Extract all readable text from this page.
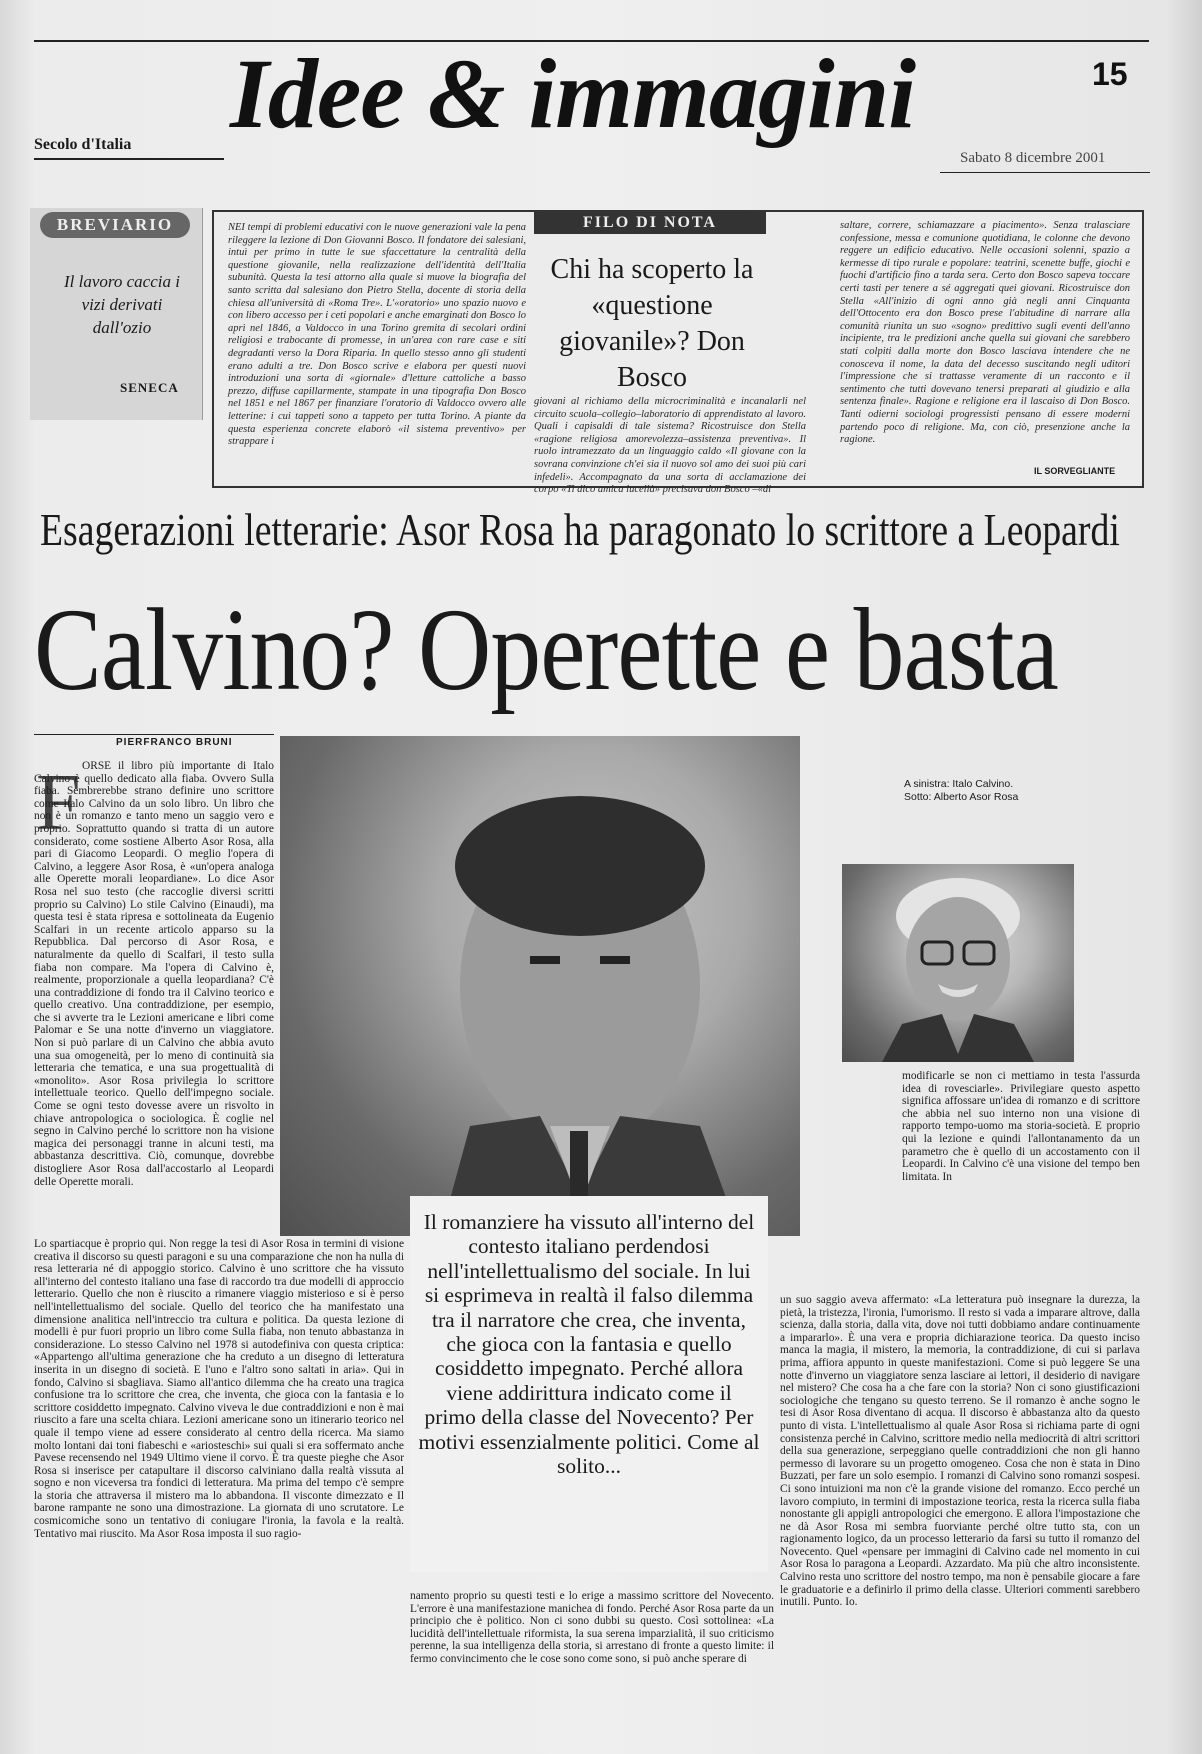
15
Idee & immagini
Secolo d'Italia
Sabato 8 dicembre 2001
BREVIARIO
Il lavoro caccia i vizi derivati dall'ozio
SENECA
FILO DI NOTA
NEI tempi di problemi educativi con le nuove generazioni vale la pena rileggere la lezione di Don Giovanni Bosco. Il fondatore dei salesiani, intuì per primo in tutte le sue sfaccettature la centralità della questione giovanile, nella realizzazione dell'identità dell'Italia subunità. Questa la tesi attorno alla quale si muove la biografia del santo scritta dal salesiano don Pietro Stella, docente di storia della chiesa all'università di «Roma Tre». L'«oratorio» uno spazio nuovo e con libero accesso per i ceti popolari e anche emarginati don Bosco lo aprì nel 1846, a Valdocco in una Torino gremita di secolari ordini religiosi e trabocante di promesse, in un'area con rare case e siti degradanti verso la Dora Riparia. In quello stesso anno gli studenti erano adulti a tre. Don Bosco scrive e elabora per questi nuovi introduzioni una sorta di «giornale» d'letture cattoliche a basso prezzo, diffuse capillarmente, stampate in una tipografia Don Bosco nel 1851 e nel 1867 per finanziare l'oratorio di Valdocco ovvero alle letterine: i cui tappeti sono a tappeto per tutta Torino. A piante da questa esperienza concrete elaborò «il sistema preventivo» per strappare i
Chi ha scoperto la «questione giovanile»? Don Bosco
giovani al richiamo della microcriminalità e incanalarli nel circuito scuola–collegio–laboratorio di apprendistato al lavoro. Quali i capisaldi di tale sistema? Ricostruisce don Stella «ragione religiosa amorevolezza–assistenza preventiva». Il ruolo intramezzato da un linguaggio caldo «Il giovane con la sovrana convinzione ch'ei sia il nuovo sol amo dei suoi più cari infedeli». Accompagnato da una sorta di acclamazione dei corpo «Ti dico amica lucellà» precisava don Bosco –«di
saltare, correre, schiamazzare a piacimento». Senza tralasciare confessione, messa e comunione quotidiana, le colonne che devono reggere un edificio educativo. Nelle occasioni solenni, spazio a kermesse di tipo rurale e popolare: teatrini, scenette buffe, giochi e fuochi d'artificio fino a tarda sera. Certo don Bosco sapeva toccare certi tasti per tenere a sé aggregati quei giovani. Ricostruisce don Stella «All'inizio di ogni anno già negli anni Cinquanta dell'Ottocento era don Bosco prese l'abitudine di narrare alla comunità riunita un suo «sogno» predittivo sugli eventi dell'anno incipiente, tra le predizioni anche quella sui giovani che sarebbero stati colpiti dalla morte don Bosco lasciava intendere che ne conosceva il nome, la data del decesso suscitando negli uditori l'impressione che si trattasse veramente di un racconto e il sentimento che tutti dovevano tenersi preparati al giudizio e alla sentenza finale». Ragione e religione era il lascaiso di Don Bosco. Tanti odierni sociologi progressisti pensano di essere moderni partendo poco di religione. Ma, con ciò, presenzione anche la ragione.
IL SORVEGLIANTE
Esagerazioni letterarie: Asor Rosa ha paragonato lo scrittore a Leopardi
Calvino? Operette e basta
PIERFRANCO BRUNI
F ORSE il libro più importante di Italo Calvino è quello dedicato alla fiaba. Ovvero Sulla fiaba. Sembrerebbe strano definire uno scrittore come Italo Calvino da un solo libro. Un libro che non è un romanzo e tanto meno un saggio vero e proprio. Soprattutto quando si tratta di un autore considerato, come sostiene Alberto Asor Rosa, alla pari di Giacomo Leopardi. O meglio l'opera di Calvino, a leggere Asor Rosa, è «un'opera analoga alle Operette morali leopardiane». Lo dice Asor Rosa nel suo testo (che raccoglie diversi scritti proprio su Calvino) Lo stile Calvino (Einaudi), ma questa tesi è stata ripresa e sottolineata da Eugenio Scalfari in un recente articolo apparso su la Repubblica. Dal percorso di Asor Rosa, e naturalmente da quello di Scalfari, il testo sulla fiaba non compare. Ma l'opera di Calvino è, realmente, proporzionale a quella leopardiana? C'è una contraddizione di fondo tra il Calvino teorico e quello creativo. Una contraddizione, per esempio, che si avverte tra le Lezioni americane e libri come Palomar e Se una notte d'inverno un viaggiatore. Non si può parlare di un Calvino che abbia avuto una sua omogeneità, per lo meno di continuità sia letteraria che tematica, e una sua progettualità di «monolito». Asor Rosa privilegia lo scrittore intellettuale teorico. Quello dell'impegno sociale. Come se ogni testo dovesse avere un risvolto in chiave antropologica o sociologica. È coglie nel segno in Calvino perché lo scrittore non ha visione magica dei personaggi tranne in alcuni testi, ma abbastanza descrittiva. Ciò, comunque, dovrebbe distogliere Asor Rosa dall'accostarlo al Leopardi delle Operette morali.
Lo spartiacque è proprio qui. Non regge la tesi di Asor Rosa in termini di visione creativa il discorso su questi paragoni e su una comparazione che non ha nulla di resa letteraria né di appoggio storico. Calvino è uno scrittore che ha vissuto all'interno del contesto italiano una fase di raccordo tra due modelli di approccio letterario. Quello che non è riuscito a rimanere viaggio misterioso e si è perso nell'intellettualismo del sociale. Quello del teorico che ha manifestato una dimensione analitica nell'intreccio tra cultura e politica. Da questa lezione di modelli è pur fuori proprio un libro come Sulla fiaba, non tenuto abbastanza in considerazione. Lo stesso Calvino nel 1978 si autodefiniva con questa criptica: «Appartengo all'ultima generazione che ha creduto a un disegno di letteratura inserita in un disegno di società. E l'uno e l'altro sono saltati in aria». Qui in fondo, Calvino si sbagliava. Siamo all'antico dilemma che ha creato una tragica confusione tra lo scrittore che crea, che inventa, che gioca con la fantasia e lo scrittore cosiddetto impegnato. Calvino viveva le due contraddizioni e non è mai riuscito a fare una scelta chiara. Lezioni americane sono un itinerario teorico nel quale il tempo viene ad essere considerato al centro della ricerca. Ma siamo molto lontani dai toni fiabeschi e «ariosteschi» sui quali si era soffermato anche Pavese recensendo nel 1949 Ultimo viene il corvo. È tra queste pieghe che Asor Rosa si inserisce per catapultare il discorso calviniano dalla realtà vissuta al sogno e non viceversa tra fondici di letteratura. Ma prima del tempo c'è sempre la storia che attraversa il mistero ma lo abbandona. Il visconte dimezzato e Il barone rampante ne sono una dimostrazione. La giornata di uno scrutatore. Le cosmicomiche sono un tentativo di coniugare l'ironia, la favola e la realtà. Tentativo mai riuscito. Ma Asor Rosa imposta il suo ragio-
A sinistra: Italo Calvino.
Sotto: Alberto Asor Rosa
Il romanziere ha vissuto all'interno del contesto italiano perdendosi nell'intellettualismo del sociale. In lui si esprimeva in realtà il falso dilemma tra il narratore che crea, che inventa, che gioca con la fantasia e quello cosiddetto impegnato. Perché allora viene addirittura indicato come il primo della classe del Novecento? Per motivi essenzialmente politici. Come al solito...
namento proprio su questi testi e lo erige a massimo scrittore del Novecento. L'errore è una manifestazione manichea di fondo. Perché Asor Rosa parte da un principio che è politico. Non ci sono dubbi su questo. Così sottolinea: «La lucidità dell'intellettuale riformista, la sua serena imparzialità, il suo criticismo perenne, la sua intelligenza della storia, si arrestano di fronte a questo limite: il fermo convincimento che le cose sono come sono, si può anche sperare di
modificarle se non ci mettiamo in testa l'assurda idea di rovesciarle». Privilegiare questo aspetto significa affossare un'idea di romanzo e di scrittore che abbia nel suo interno non una visione di rapporto tempo-uomo ma storia-società. E proprio qui la lezione e quindi l'allontanamento da un parametro che è quello di un accostamento con il Leopardi. In Calvino c'è una visione del tempo ben limitata. In
un suo saggio aveva affermato: «La letteratura può insegnare la durezza, la pietà, la tristezza, l'ironia, l'umorismo. Il resto si vada a imparare altrove, dalla scienza, dalla storia, dalla vita, dove noi tutti dobbiamo andare continuamente a impararlo». È una vera e propria dichiarazione teorica. Da questo inciso manca la magia, il mistero, la memoria, la contraddizione, di cui si parlava prima, affiora appunto in queste manifestazioni. Come si può leggere Se una notte d'inverno un viaggiatore senza lasciare ai lettori, il desiderio di navigare nel mistero? Che cosa ha a che fare con la storia? Non ci sono giustificazioni sociologiche che tengano su questo terreno. Se il romanzo è anche sogno le tesi di Asor Rosa diventano di acqua. Il discorso è abbastanza alto da questo punto di vista. L'intellettualismo al quale Asor Rosa si richiama parte di ogni consistenza perché in Calvino, scrittore medio nella mediocrità di altri scrittori della sua generazione, serpeggiano quelle contraddizioni che non gli hanno permesso di lavorare su un progetto omogeneo. Cosa che non è stata in Dino Buzzati, per fare un solo esempio. I romanzi di Calvino sono romanzi sospesi. Ci sono intuizioni ma non c'è la grande visione del romanzo. Ecco perché un lavoro compiuto, in termini di impostazione teorica, resta la ricerca sulla fiaba nonostante gli appigli antropologici che emergono. E allora l'impostazione che ne dà Asor Rosa mi sembra fuorviante perché oltre tutto sta, con un ragionamento logico, da un processo letterario da farsi su tutto il romanzo del Novecento. Quel «pensare per immagini di Calvino cade nel momento in cui Asor Rosa lo paragona a Leopardi. Azzardato. Ma più che altro inconsistente. Calvino resta uno scrittore del nostro tempo, ma non è pensabile giocare a fare le graduatorie e a definirlo il primo della classe. Ulteriori commenti sarebbero inutili. Punto. Io.
